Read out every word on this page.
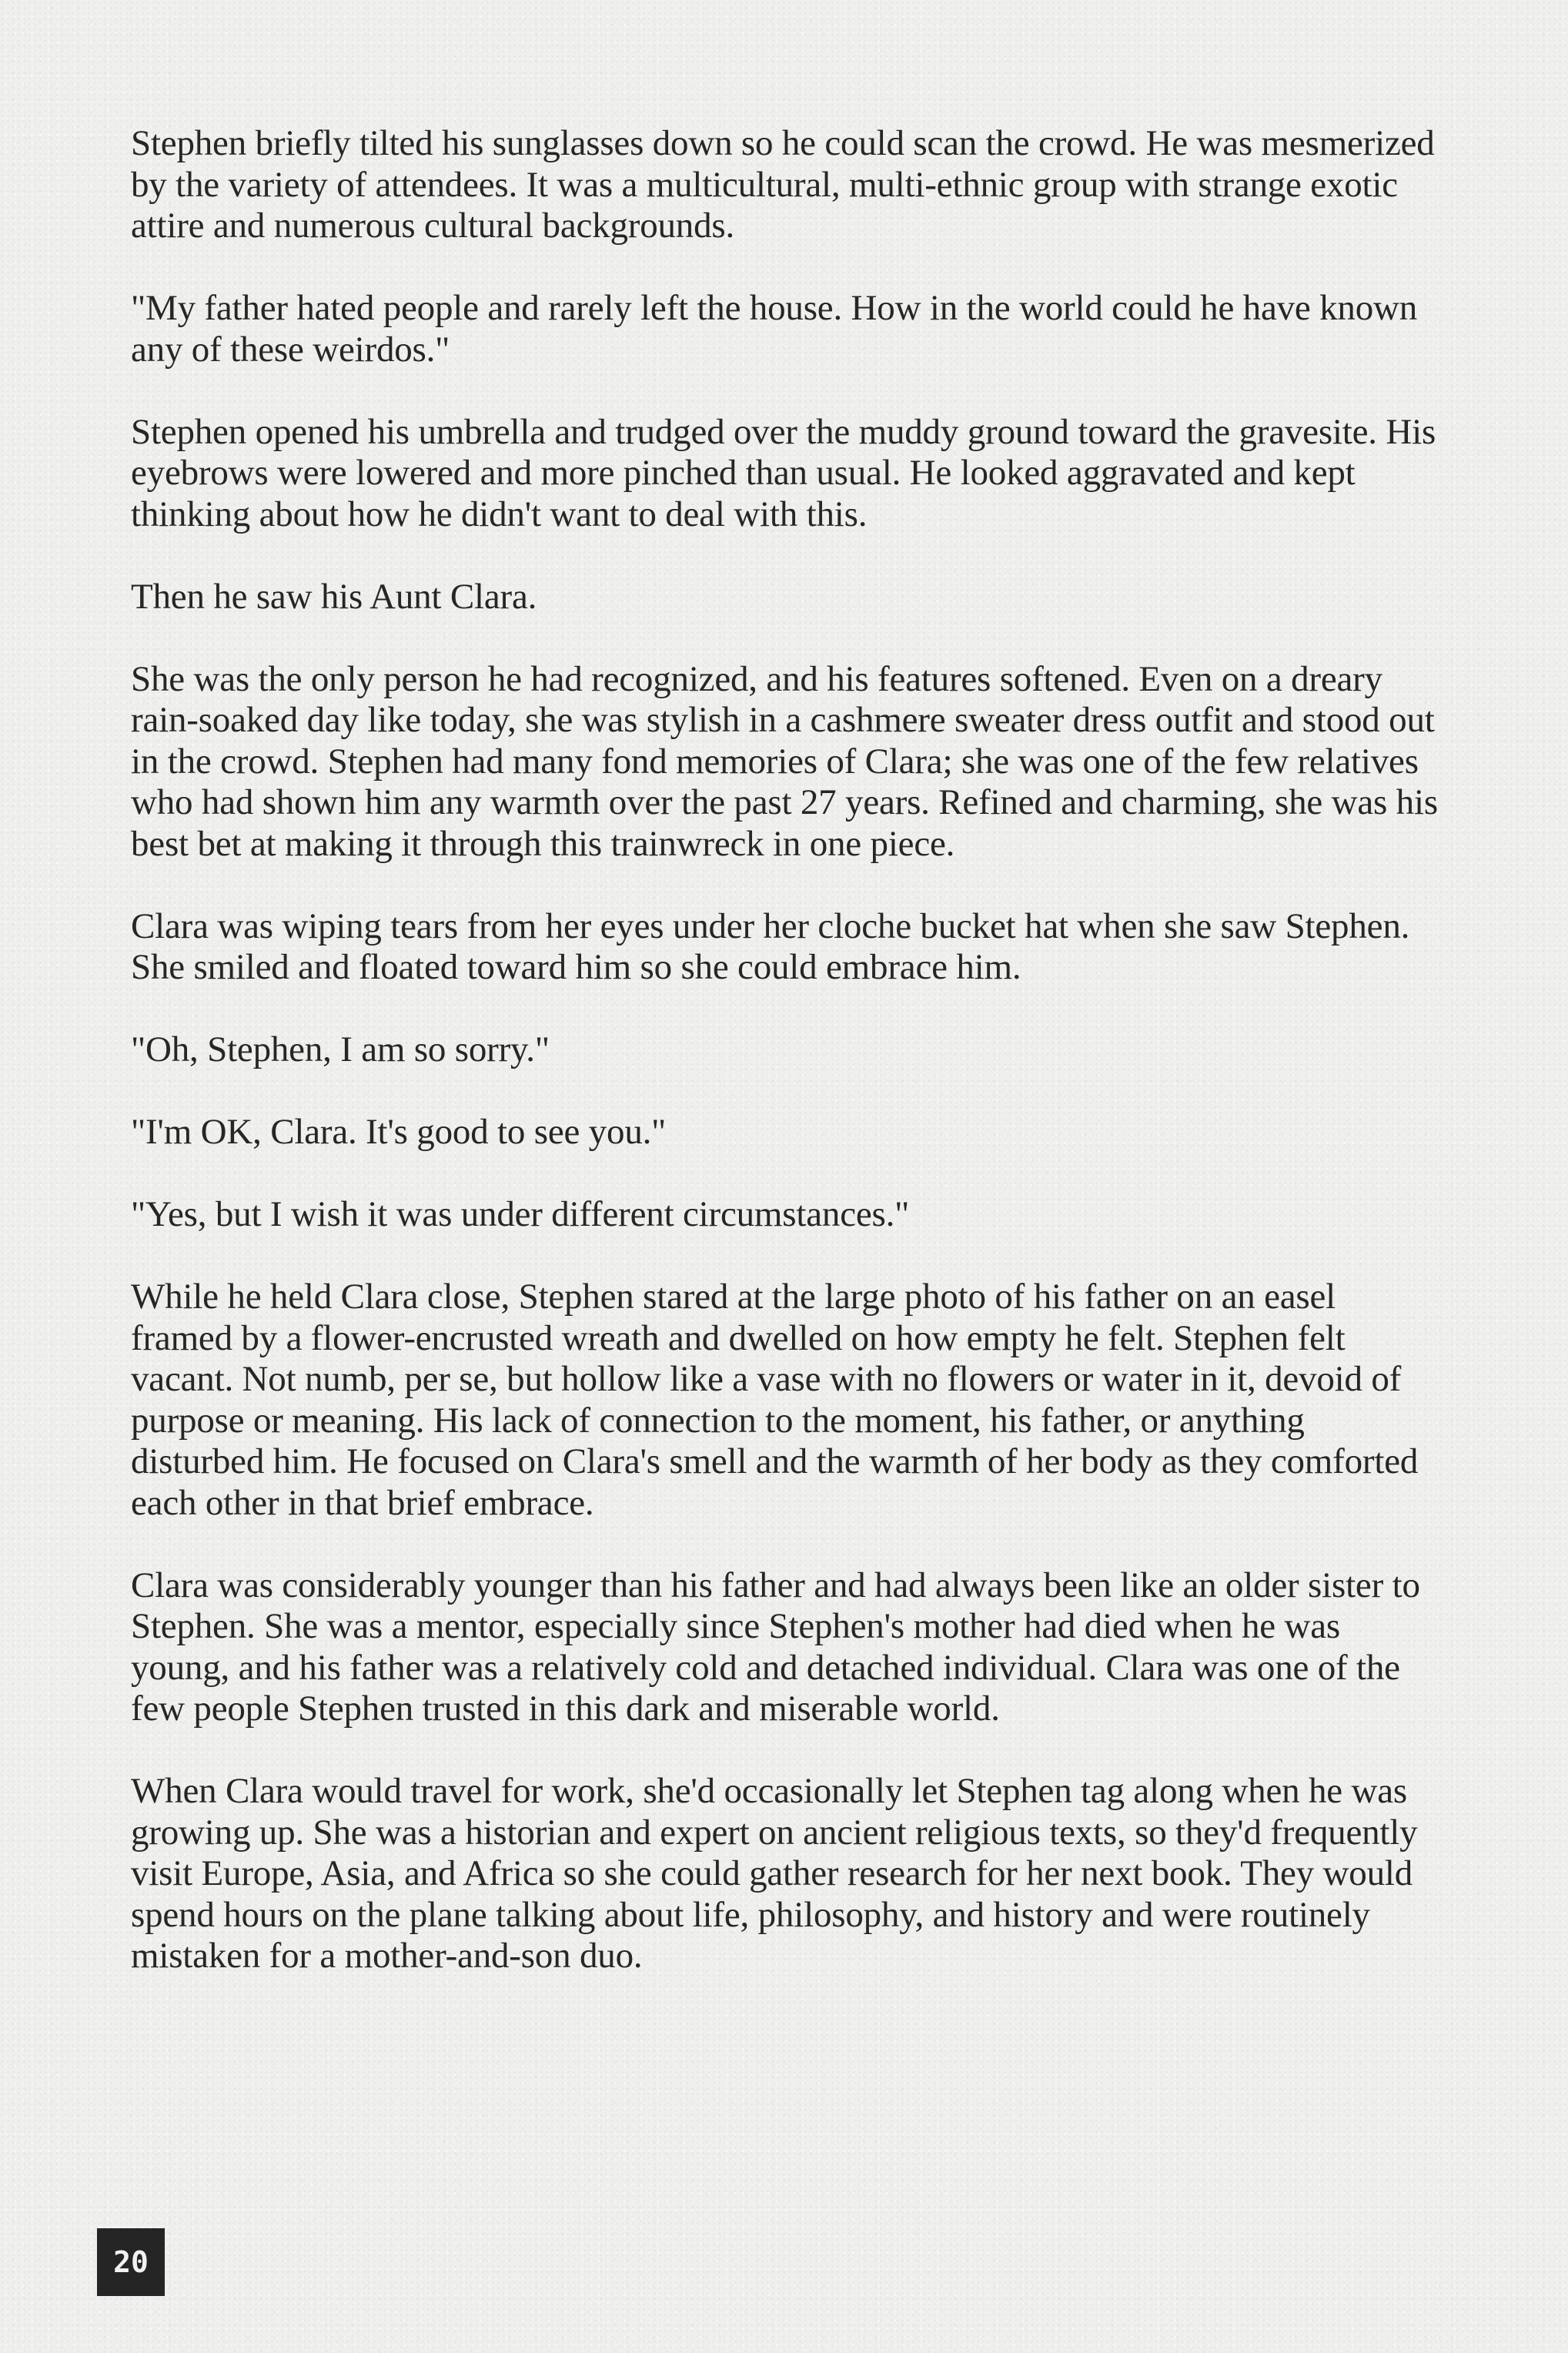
Stephen briefly tilted his sunglasses down so he could scan the crowd. He was mesmerized by the variety of attendees. It was a multicultural, multi-ethnic group with strange exotic attire and numerous cultural backgrounds.

"My father hated people and rarely left the house. How in the world could he have known any of these weirdos."

Stephen opened his umbrella and trudged over the muddy ground toward the gravesite. His eyebrows were lowered and more pinched than usual. He looked aggravated and kept thinking about how he didn't want to deal with this.

Then he saw his Aunt Clara.

She was the only person he had recognized, and his features softened. Even on a dreary rain-soaked day like today, she was stylish in a cashmere sweater dress outfit and stood out in the crowd. Stephen had many fond memories of Clara; she was one of the few relatives who had shown him any warmth over the past 27 years. Refined and charming, she was his best bet at making it through this trainwreck in one piece.

Clara was wiping tears from her eyes under her cloche bucket hat when she saw Stephen. She smiled and floated toward him so she could embrace him.

"Oh, Stephen, I am so sorry."

"I'm OK, Clara. It's good to see you."

"Yes, but I wish it was under different circumstances."

While he held Clara close, Stephen stared at the large photo of his father on an easel framed by a flower-encrusted wreath and dwelled on how empty he felt. Stephen felt vacant. Not numb, per se, but hollow like a vase with no flowers or water in it, devoid of purpose or meaning. His lack of connection to the moment, his father, or anything disturbed him. He focused on Clara's smell and the warmth of her body as they comforted each other in that brief embrace.

Clara was considerably younger than his father and had always been like an older sister to Stephen. She was a mentor, especially since Stephen's mother had died when he was young, and his father was a relatively cold and detached individual. Clara was one of the few people Stephen trusted in this dark and miserable world.

When Clara would travel for work, she'd occasionally let Stephen tag along when he was growing up. She was a historian and expert on ancient religious texts, so they'd frequently visit Europe, Asia, and Africa so she could gather research for her next book. They would spend hours on the plane talking about life, philosophy, and history and were routinely mistaken for a mother-and-son duo.

20
